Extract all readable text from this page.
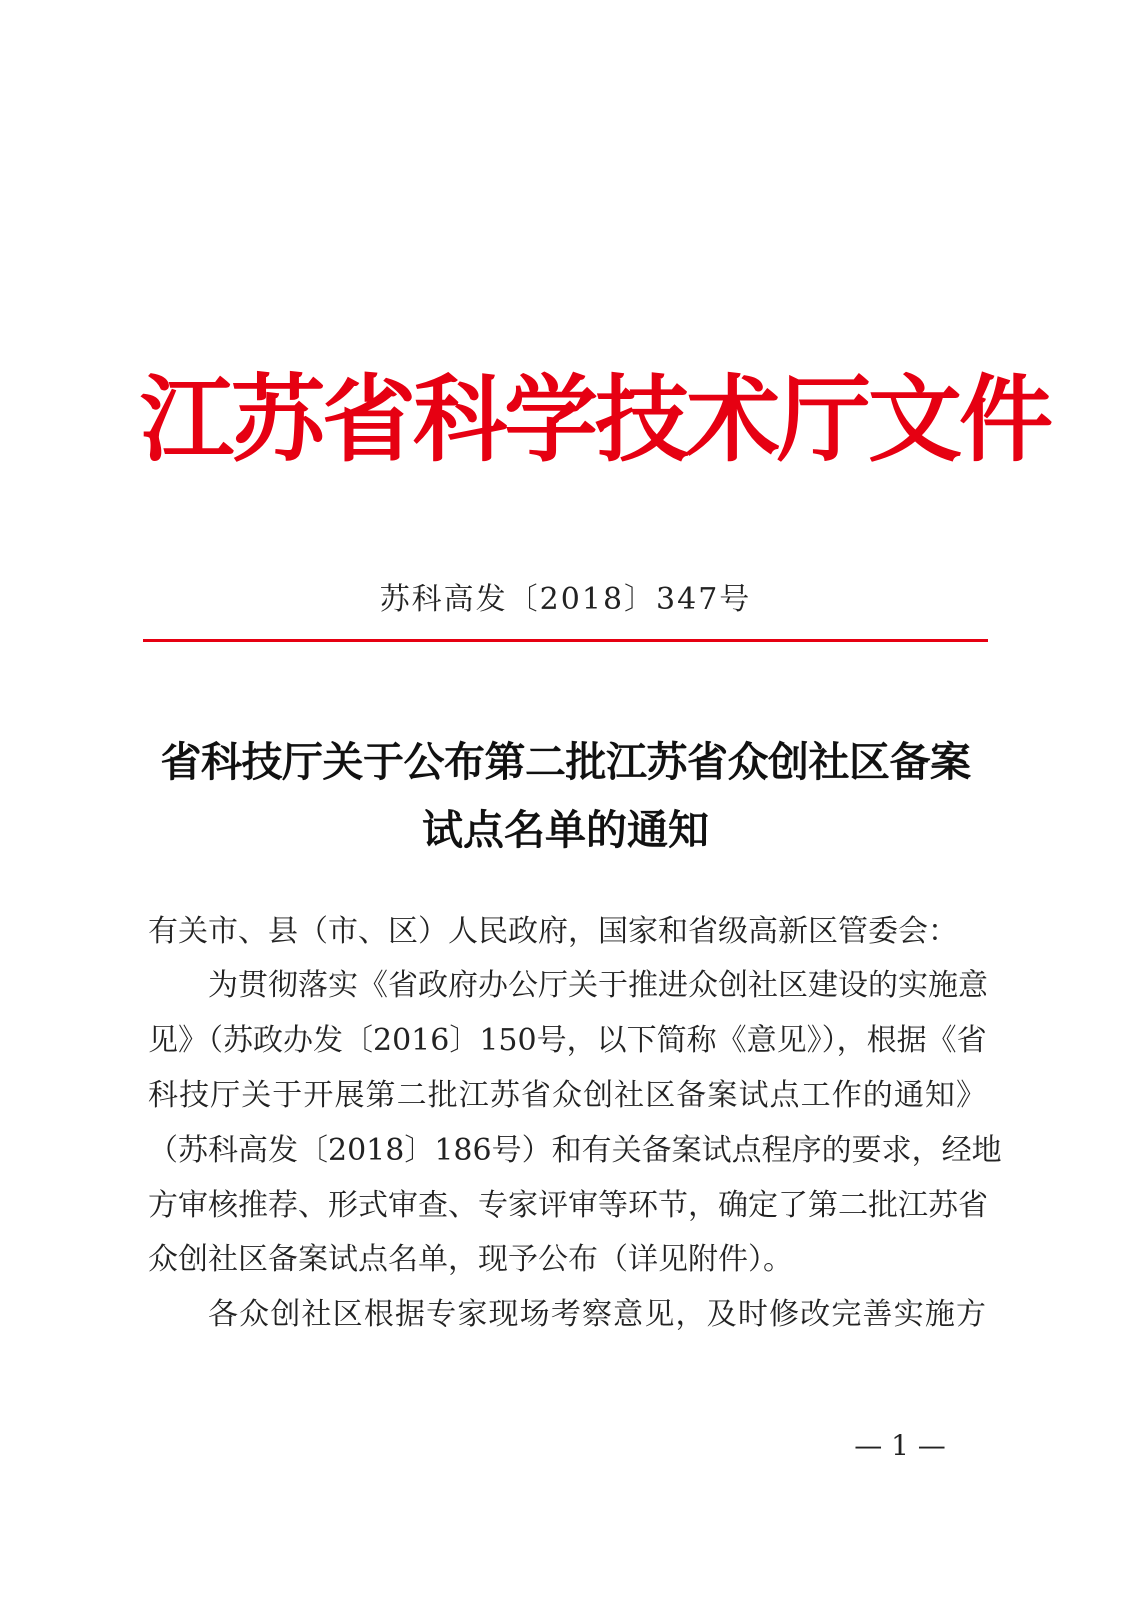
江苏省科学技术厅文件
苏科高发〔2018〕347号
省科技厅关于公布第二批江苏省众创社区备案
试点名单的通知
有关市、县（市、区）人民政府，国家和省级高新区管委会：
为贯彻落实《省政府办公厅关于推进众创社区建设的实施意
见》（苏政办发〔2016〕150号，以下简称《意见》），根据《省
科技厅关于开展第二批江苏省众创社区备案试点工作的通知》
（苏科高发〔2018〕186号）和有关备案试点程序的要求，经地
方审核推荐、形式审查、专家评审等环节，确定了第二批江苏省
众创社区备案试点名单，现予公布（详见附件）。
各众创社区根据专家现场考察意见，及时修改完善实施方
— 1 —
